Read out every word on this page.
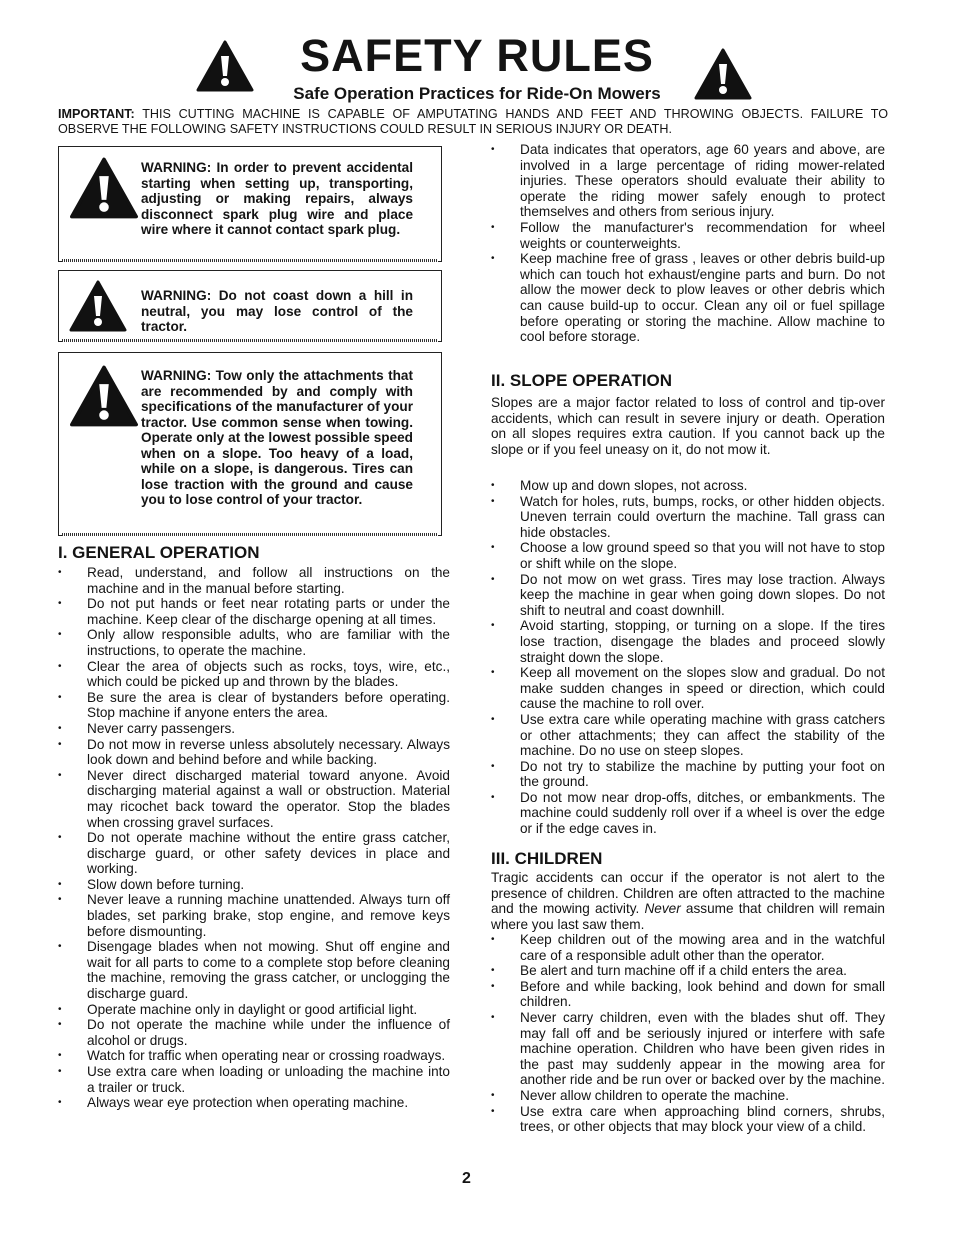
SAFETY RULES
Safe Operation Practices for Ride-On Mowers
IMPORTANT: THIS CUTTING MACHINE IS CAPABLE OF AMPUTATING HANDS AND FEET AND THROWING OBJECTS. FAILURE TO OBSERVE THE FOLLOWING SAFETY INSTRUCTIONS COULD RESULT IN SERIOUS INJURY OR DEATH.
WARNING: In order to prevent accidental starting when setting up, transporting, adjusting or making repairs, always disconnect spark plug wire and place wire where it cannot contact spark plug.
WARNING: Do not coast down a hill in neutral, you may lose control of the tractor.
WARNING: Tow only the attachments that are recommended by and comply with specifications of the manufacturer of your tractor. Use common sense when towing. Operate only at the lowest possible speed when on a slope. Too heavy of a load, while on a slope, is dangerous. Tires can lose traction with the ground and cause you to lose control of your tractor.
I. GENERAL OPERATION
• Read, understand, and follow all instructions on the machine and in the manual before starting.
• Do not put hands or feet near rotating parts or under the machine. Keep clear of the discharge opening at all times.
• Only allow responsible adults, who are familiar with the instructions, to operate the machine.
• Clear the area of objects such as rocks, toys, wire, etc., which could be picked up and thrown by the blades.
• Be sure the area is clear of bystanders before operating. Stop machine if anyone enters the area.
• Never carry passengers.
• Do not mow in reverse unless absolutely necessary. Always look down and behind before and while backing.
• Never direct discharged material toward anyone. Avoid discharging material against a wall or obstruction. Material may ricochet back toward the operator. Stop the blades when crossing gravel surfaces.
• Do not operate machine without the entire grass catcher, discharge guard, or other safety devices in place and working.
• Slow down before turning.
• Never leave a running machine unattended. Always turn off blades, set parking brake, stop engine, and remove keys before dismounting.
• Disengage blades when not mowing. Shut off engine and wait for all parts to come to a complete stop before cleaning the machine, removing the grass catcher, or unclogging the discharge guard.
• Operate machine only in daylight or good artificial light.
• Do not operate the machine while under the influence of alcohol or drugs.
• Watch for traffic when operating near or crossing roadways.
• Use extra care when loading or unloading the machine into a trailer or truck.
• Always wear eye protection when operating machine.
• Data indicates that operators, age 60 years and above, are involved in a large percentage of riding mower-related injuries. These operators should evaluate their ability to operate the riding mower safely enough to protect themselves and others from serious injury.
• Follow the manufacturer's recommendation for wheel weights or counterweights.
• Keep machine free of grass , leaves or other debris build-up which can touch hot exhaust/engine parts and burn. Do not allow the mower deck to plow leaves or other debris which can cause build-up to occur. Clean any oil or fuel spillage before operating or storing the machine. Allow machine to cool before storage.
II. SLOPE OPERATION
Slopes are a major factor related to loss of control and tip-over accidents, which can result in severe injury or death. Operation on all slopes requires extra caution. If you cannot back up the slope or if you feel uneasy on it, do not mow it.
• Mow up and down slopes, not across.
• Watch for holes, ruts, bumps, rocks, or other hidden objects. Uneven terrain could overturn the machine. Tall grass can hide obstacles.
• Choose a low ground speed so that you will not have to stop or shift while on the slope.
• Do not mow on wet grass. Tires may lose traction. Always keep the machine in gear when going down slopes. Do not shift to neutral and coast downhill.
• Avoid starting, stopping, or turning on a slope. If the tires lose traction, disengage the blades and proceed slowly straight down the slope.
• Keep all movement on the slopes slow and gradual. Do not make sudden changes in speed or direction, which could cause the machine to roll over.
• Use extra care while operating machine with grass catchers or other attachments; they can affect the stability of the machine. Do no use on steep slopes.
• Do not try to stabilize the machine by putting your foot on the ground.
• Do not mow near drop-offs, ditches, or embankments. The machine could suddenly roll over if a wheel is over the edge or if the edge caves in.
III. CHILDREN
Tragic accidents can occur if the operator is not alert to the presence of children. Children are often attracted to the machine and the mowing activity. Never assume that children will remain where you last saw them.
• Keep children out of the mowing area and in the watchful care of a responsible adult other than the operator.
• Be alert and turn machine off if a child enters the area.
• Before and while backing, look behind and down for small children.
• Never carry children, even with the blades shut off. They may fall off and be seriously injured or interfere with safe machine operation. Children who have been given rides in the past may suddenly appear in the mowing area for another ride and be run over or backed over by the machine.
• Never allow children to operate the machine.
• Use extra care when approaching blind corners, shrubs, trees, or other objects that may block your view of a child.
2
